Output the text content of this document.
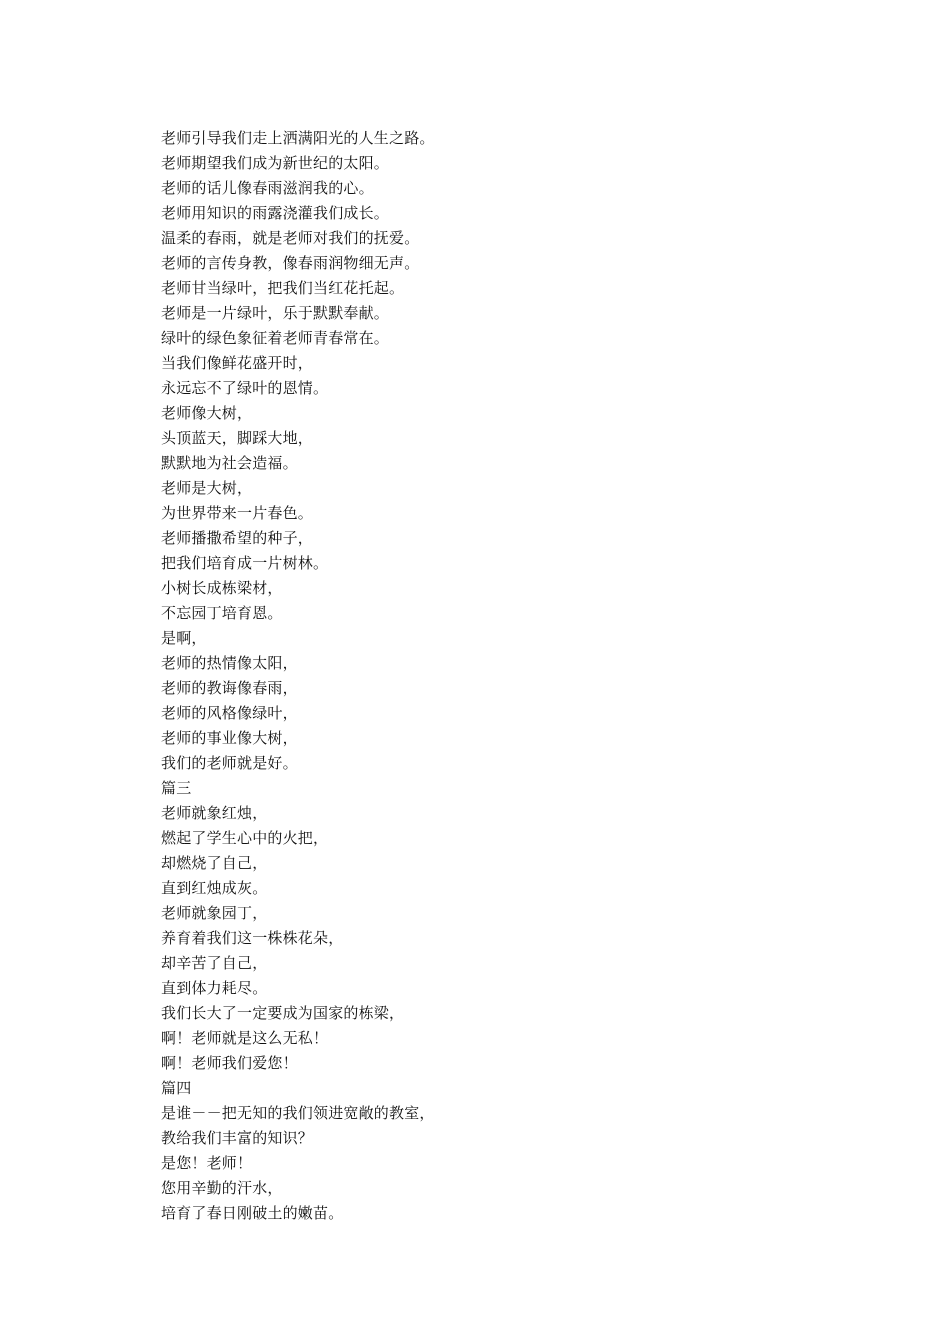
老师引导我们走上洒满阳光的人生之路。
老师期望我们成为新世纪的太阳。
老师的话儿像春雨滋润我的心。
老师用知识的雨露浇灌我们成长。
温柔的春雨，就是老师对我们的抚爱。
老师的言传身教，像春雨润物细无声。
老师甘当绿叶，把我们当红花托起。
老师是一片绿叶，乐于默默奉献。
绿叶的绿色象征着老师青春常在。
当我们像鲜花盛开时，
永远忘不了绿叶的恩情。
老师像大树，
头顶蓝天，脚踩大地，
默默地为社会造福。
老师是大树，
为世界带来一片春色。
老师播撒希望的种子，
把我们培育成一片树林。
小树长成栋梁材，
不忘园丁培育恩。
是啊，
老师的热情像太阳，
老师的教诲像春雨，
老师的风格像绿叶，
老师的事业像大树，
我们的老师就是好。
篇三
老师就象红烛，
燃起了学生心中的火把，
却燃烧了自己，
直到红烛成灰。
老师就象园丁，
养育着我们这一株株花朵，
却辛苦了自己，
直到体力耗尽。
我们长大了一定要成为国家的栋梁，
啊！老师就是这么无私！
啊！老师我们爱您！
篇四
是谁－－把无知的我们领进宽敞的教室，
教给我们丰富的知识？
是您！老师！
您用辛勤的汗水，
培育了春日刚破土的嫩苗。
